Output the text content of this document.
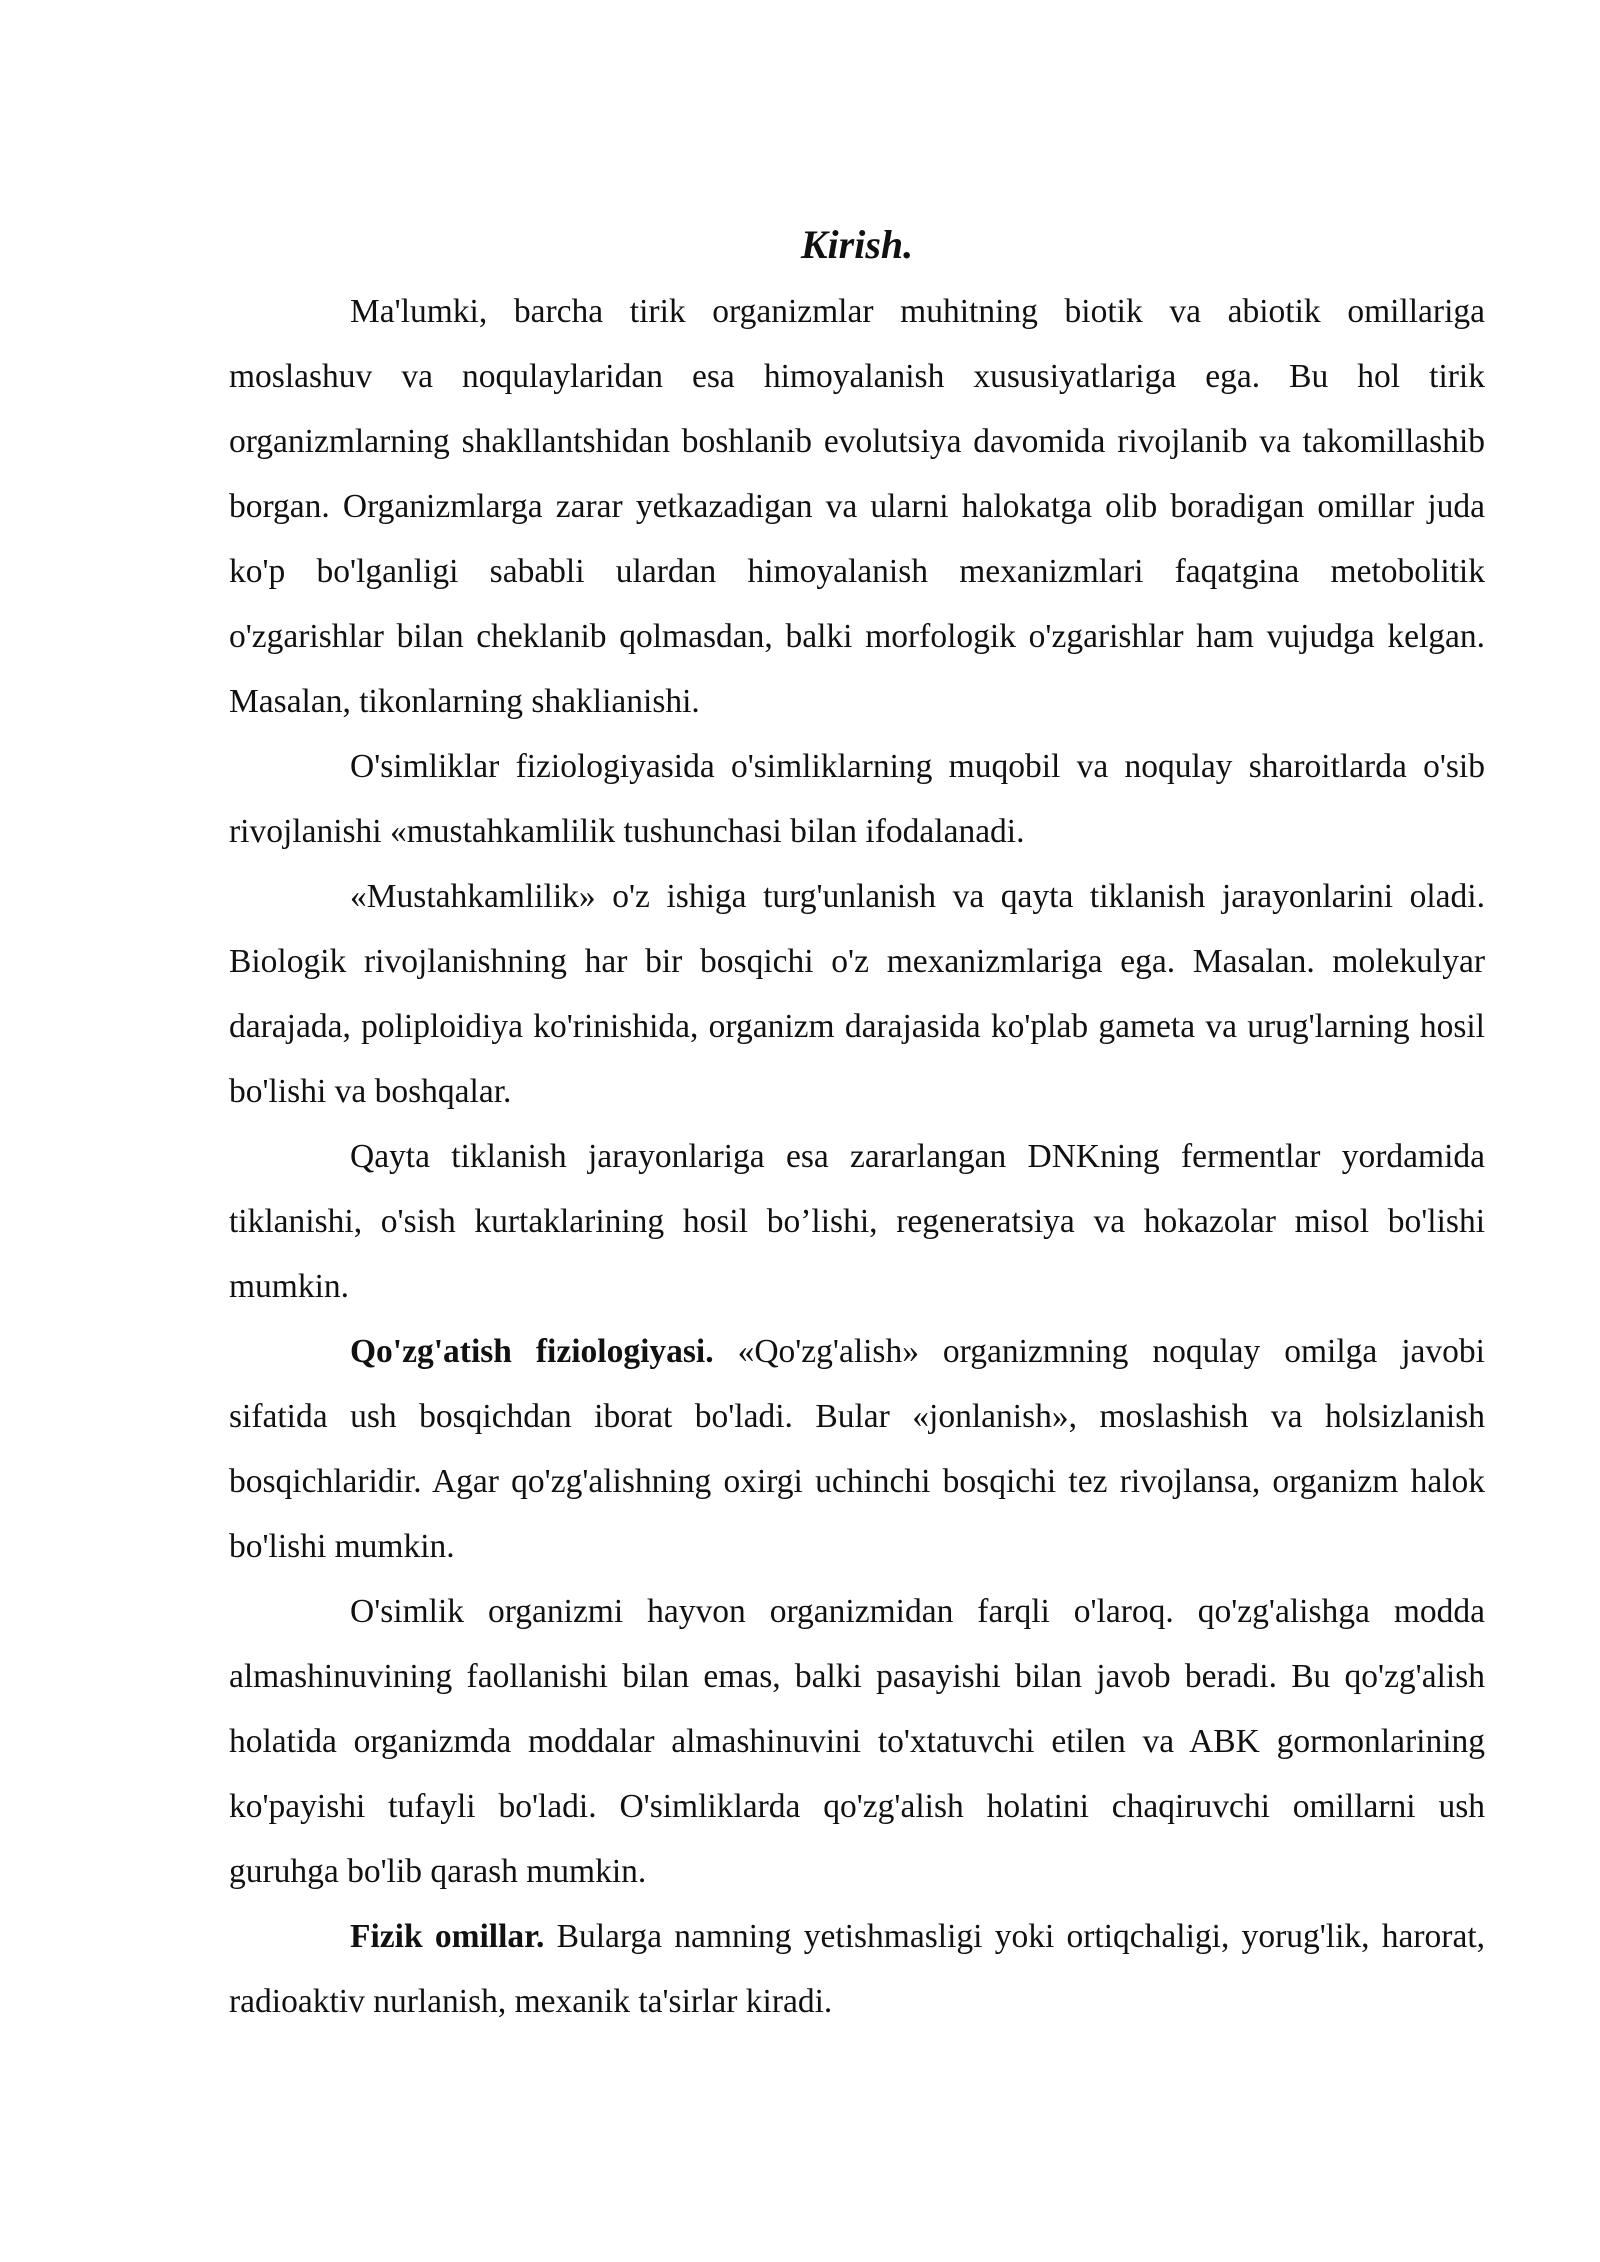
Kirish.

Ma'lumki, barcha tirik organizmlar muhitning biotik va abiotik omillariga moslashuv va noqulaylaridan esa himoyalanish xususiyatlariga ega. Bu hol tirik organizmlarning shakllantshidan boshlanib evolutsiya davomida rivojlanib va takomillashib borgan. Organizmlarga zarar yetkazadigan va ularni halokatga olib boradigan omillar juda ko'p bo'lganligi sababli ulardan himoyalanish mexanizmlari faqatgina metobolitik o'zgarishlar bilan cheklanib qolmasdan, balki morfologik o'zgarishlar ham vujudga kelgan. Masalan, tikonlarning shaklianishi.

O'simliklar fiziologiyasida o'simliklarning muqobil va noqulay sharoitlarda o'sib rivojlanishi «mustahkamlilik tushunchasi bilan ifodalanadi.

«Mustahkamlilik» o'z ishiga turg'unlanish va qayta tiklanish jarayonlarini oladi. Biologik rivojlanishning har bir bosqichi o'z mexanizmlariga ega. Masalan. molekulyar darajada, poliploidiya ko'rinishida, organizm darajasida ko'plab gameta va urug'larning hosil bo'lishi va boshqalar.

Qayta tiklanish jarayonlariga esa zararlangan DNKning fermentlar yordamida tiklanishi, o'sish kurtaklarining hosil bo’lishi, regeneratsiya va hokazolar misol bo'lishi mumkin.

Qo'zg'atish fiziologiyasi. «Qo'zg'alish» organizmning noqulay omilga javobi sifatida ush bosqichdan iborat bo'ladi. Bular «jonlanish», moslashish va holsizlanish bosqichlaridir. Agar qo'zg'alishning oxirgi uchinchi bosqichi tez rivojlansa, organizm halok bo'lishi mumkin.

O'simlik organizmi hayvon organizmidan farqli o'laroq. qo'zg'alishga modda almashinuvining faollanishi bilan emas, balki pasayishi bilan javob beradi. Bu qo'zg'alish holatida organizmda moddalar almashinuvini to'xtatuvchi etilen va ABK gormonlarining ko'payishi tufayli bo'ladi. O'simliklarda qo'zg'alish holatini chaqiruvchi omillarni ush guruhga bo'lib qarash mumkin.

Fizik omillar. Bularga namning yetishmasligi yoki ortiqchaligi, yorug'lik, harorat, radioaktiv nurlanish, mexanik ta'sirlar kiradi.
